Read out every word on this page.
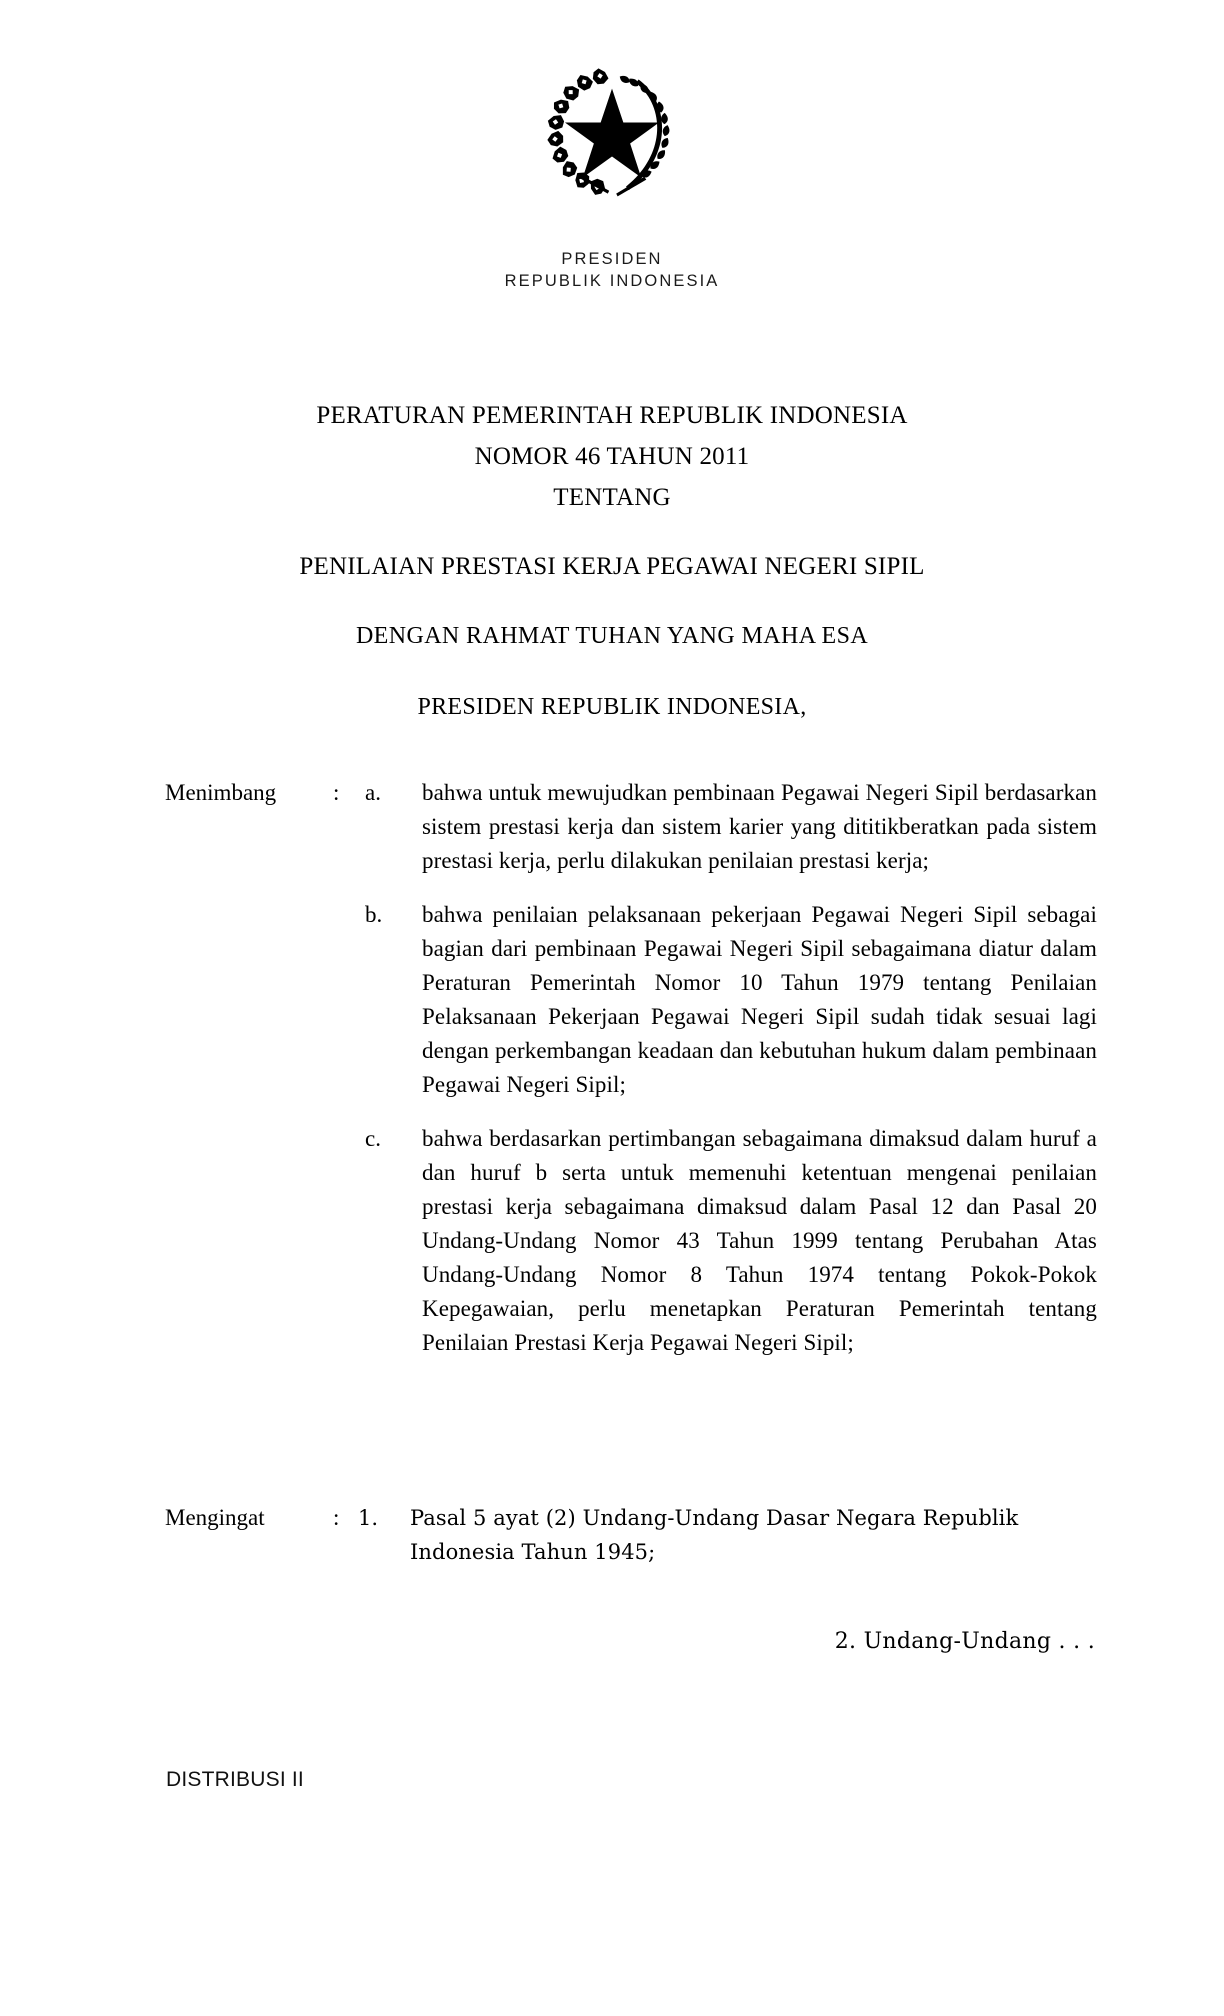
PRESIDEN
REPUBLIK INDONESIA
PERATURAN PEMERINTAH REPUBLIK INDONESIA
NOMOR 46 TAHUN 2011
TENTANG
PENILAIAN PRESTASI KERJA PEGAWAI NEGERI SIPIL
DENGAN RAHMAT TUHAN YANG MAHA ESA
PRESIDEN REPUBLIK INDONESIA,
Menimbang	: a. bahwa untuk mewujudkan pembinaan Pegawai Negeri Sipil berdasarkan sistem prestasi kerja dan sistem karier yang dititikberatkan pada sistem prestasi kerja, perlu dilakukan penilaian prestasi kerja;
b. bahwa penilaian pelaksanaan pekerjaan Pegawai Negeri Sipil sebagai bagian dari pembinaan Pegawai Negeri Sipil sebagaimana diatur dalam Peraturan Pemerintah Nomor 10 Tahun 1979 tentang Penilaian Pelaksanaan Pekerjaan Pegawai Negeri Sipil sudah tidak sesuai lagi dengan perkembangan keadaan dan kebutuhan hukum dalam pembinaan Pegawai Negeri Sipil;
c. bahwa berdasarkan pertimbangan sebagaimana dimaksud dalam huruf a dan huruf b serta untuk memenuhi ketentuan mengenai penilaian prestasi kerja sebagaimana dimaksud dalam Pasal 12 dan Pasal 20 Undang-Undang Nomor 43 Tahun 1999 tentang Perubahan Atas Undang-Undang Nomor 8 Tahun 1974 tentang Pokok-Pokok Kepegawaian, perlu menetapkan Peraturan Pemerintah tentang Penilaian Prestasi Kerja Pegawai Negeri Sipil;
Mengingat	: 1. Pasal 5 ayat (2) Undang-Undang Dasar Negara Republik Indonesia Tahun 1945;
2. Undang-Undang . . .
DISTRIBUSI II
